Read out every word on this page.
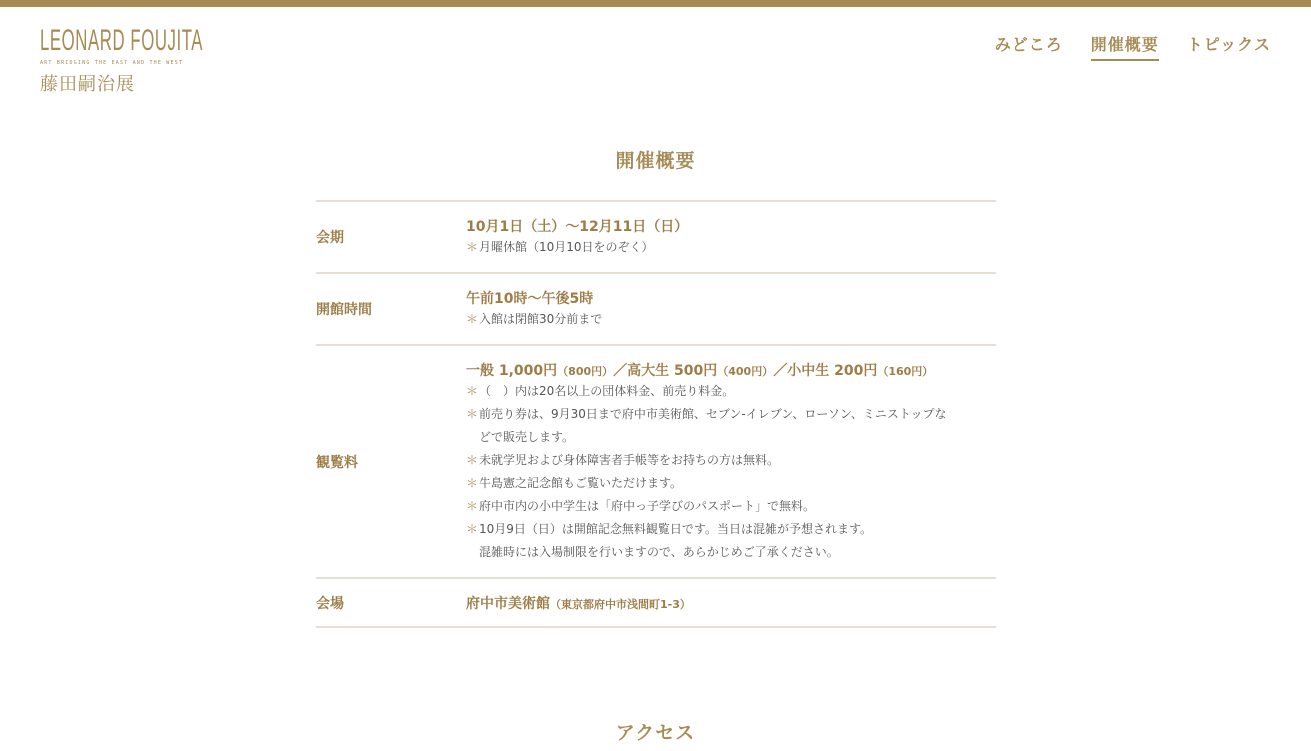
LEONARD FOUJITA
ART BRIDGING THE EAST AND THE WEST
藤田嗣治展
みどころ 開催概要 トピックス
開催概要
会期
10月1日（土）〜12月11日（日）
＊ 月曜休館（10月10日をのぞく）
開館時間
午前10時〜午後5時
＊ 入館は閉館30分前まで
観覧料
一般 1,000円（800円）／高大生 500円（400円）／小中生 200円（160円）
＊ （　）内は20名以上の団体料金、前売り料金。
＊ 前売り券は、9月30日まで府中市美術館、セブン-イレブン、ローソン、ミニストップな
どで販売します。
＊ 未就学児および身体障害者手帳等をお持ちの方は無料。
＊ 牛島憲之記念館もご覧いただけます。
＊ 府中市内の小中学生は「府中っ子学びのパスポート」で無料。
＊ 10月9日（日）は開館記念無料観覧日です。当日は混雑が予想されます。
混雑時には入場制限を行いますので、あらかじめご了承ください。
会場	府中市美術館（東京都府中市浅間町1-3）
アクセス
